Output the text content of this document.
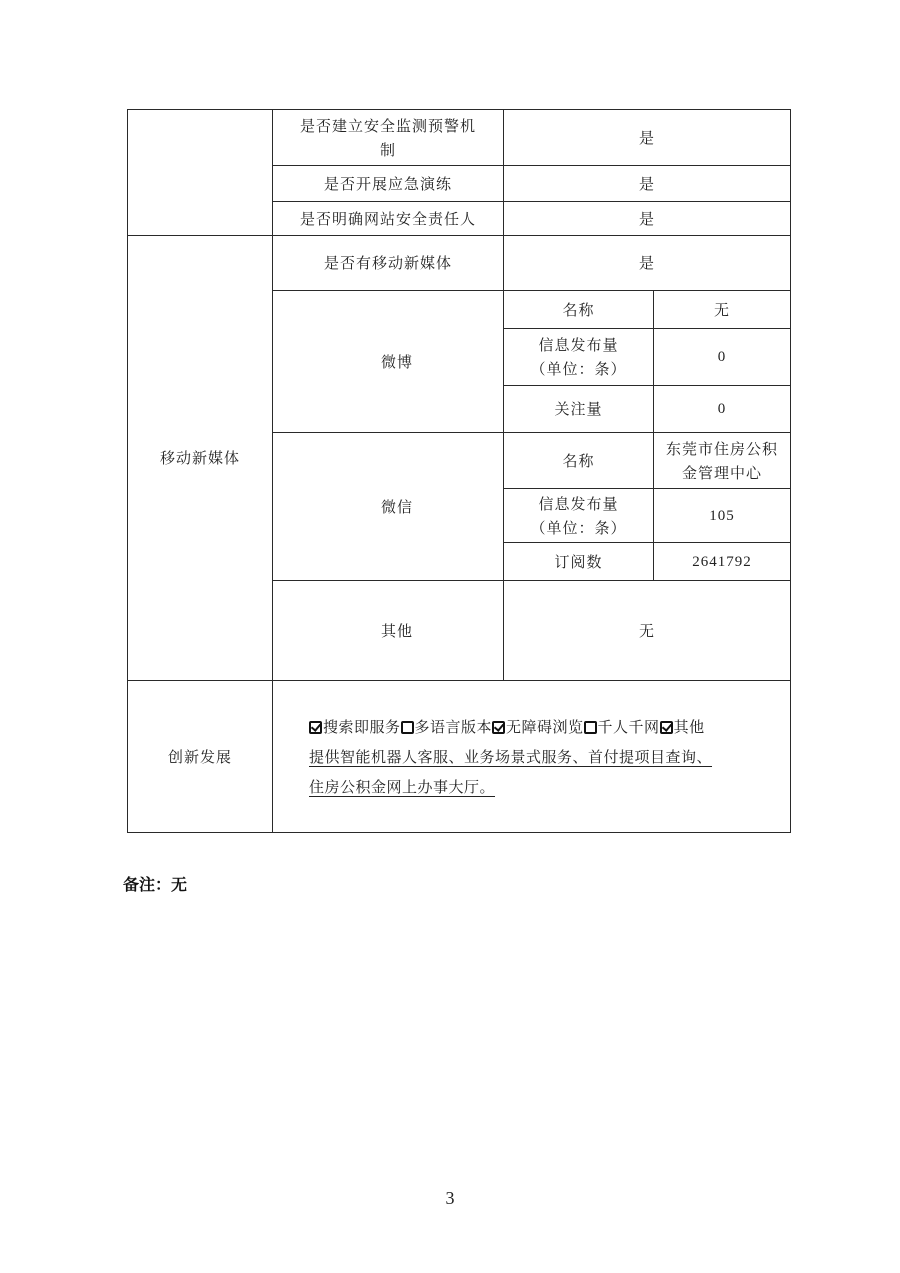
	是否建立安全监测预警机制	是	
	是否开展应急演练	是	
	是否明确网站安全责任人	是	
移动新媒体	是否有移动新媒体	是	
	微博	名称	无
		信息发布量（单位：条）	0
		关注量	0
	微信	名称	东莞市住房公积金管理中心
		信息发布量（单位：条）	105
		订阅数	2641792
	其他	无	
创新发展	搜索即服务 多语言版本 无障碍浏览 千人千网 其他
提供智能机器人客服、业务场景式服务、首付提项目查询、
住房公积金网上办事大厅。		
备注：无
3
